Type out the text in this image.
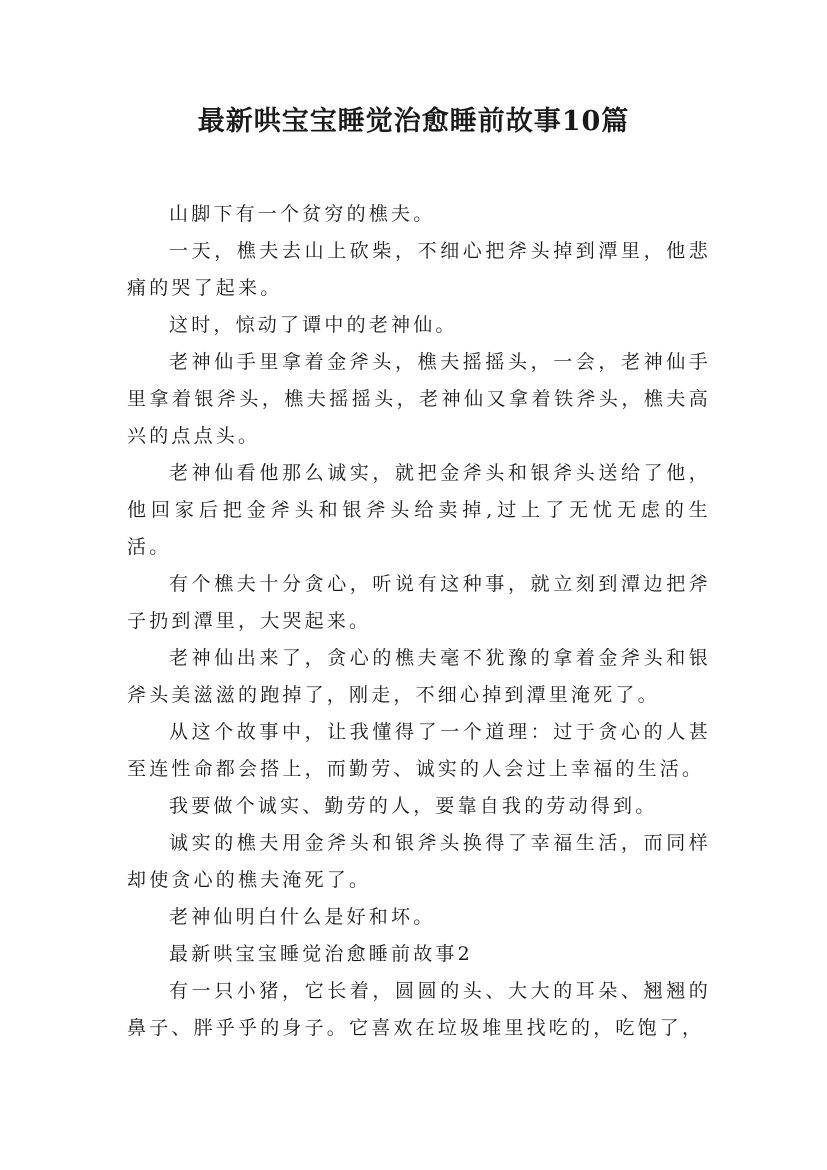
最新哄宝宝睡觉治愈睡前故事10篇

山脚下有一个贫穷的樵夫。

一天，樵夫去山上砍柴，不细心把斧头掉到潭里，他悲痛的哭了起来。

这时，惊动了谭中的老神仙。

老神仙手里拿着金斧头，樵夫摇摇头，一会，老神仙手里拿着银斧头，樵夫摇摇头，老神仙又拿着铁斧头，樵夫高兴的点点头。

老神仙看他那么诚实，就把金斧头和银斧头送给了他，他回家后把金斧头和银斧头给卖掉,过上了无忧无虑的生活。

有个樵夫十分贪心，听说有这种事，就立刻到潭边把斧子扔到潭里，大哭起来。

老神仙出来了，贪心的樵夫毫不犹豫的拿着金斧头和银斧头美滋滋的跑掉了，刚走，不细心掉到潭里淹死了。

从这个故事中，让我懂得了一个道理：过于贪心的人甚至连性命都会搭上，而勤劳、诚实的人会过上幸福的生活。

我要做个诚实、勤劳的人，要靠自我的劳动得到。

诚实的樵夫用金斧头和银斧头换得了幸福生活，而同样却使贪心的樵夫淹死了。

老神仙明白什么是好和坏。

最新哄宝宝睡觉治愈睡前故事2

有一只小猪，它长着，圆圆的头、大大的耳朵、翘翘的鼻子、胖乎乎的身子。它喜欢在垃圾堆里找吃的，吃饱了，
